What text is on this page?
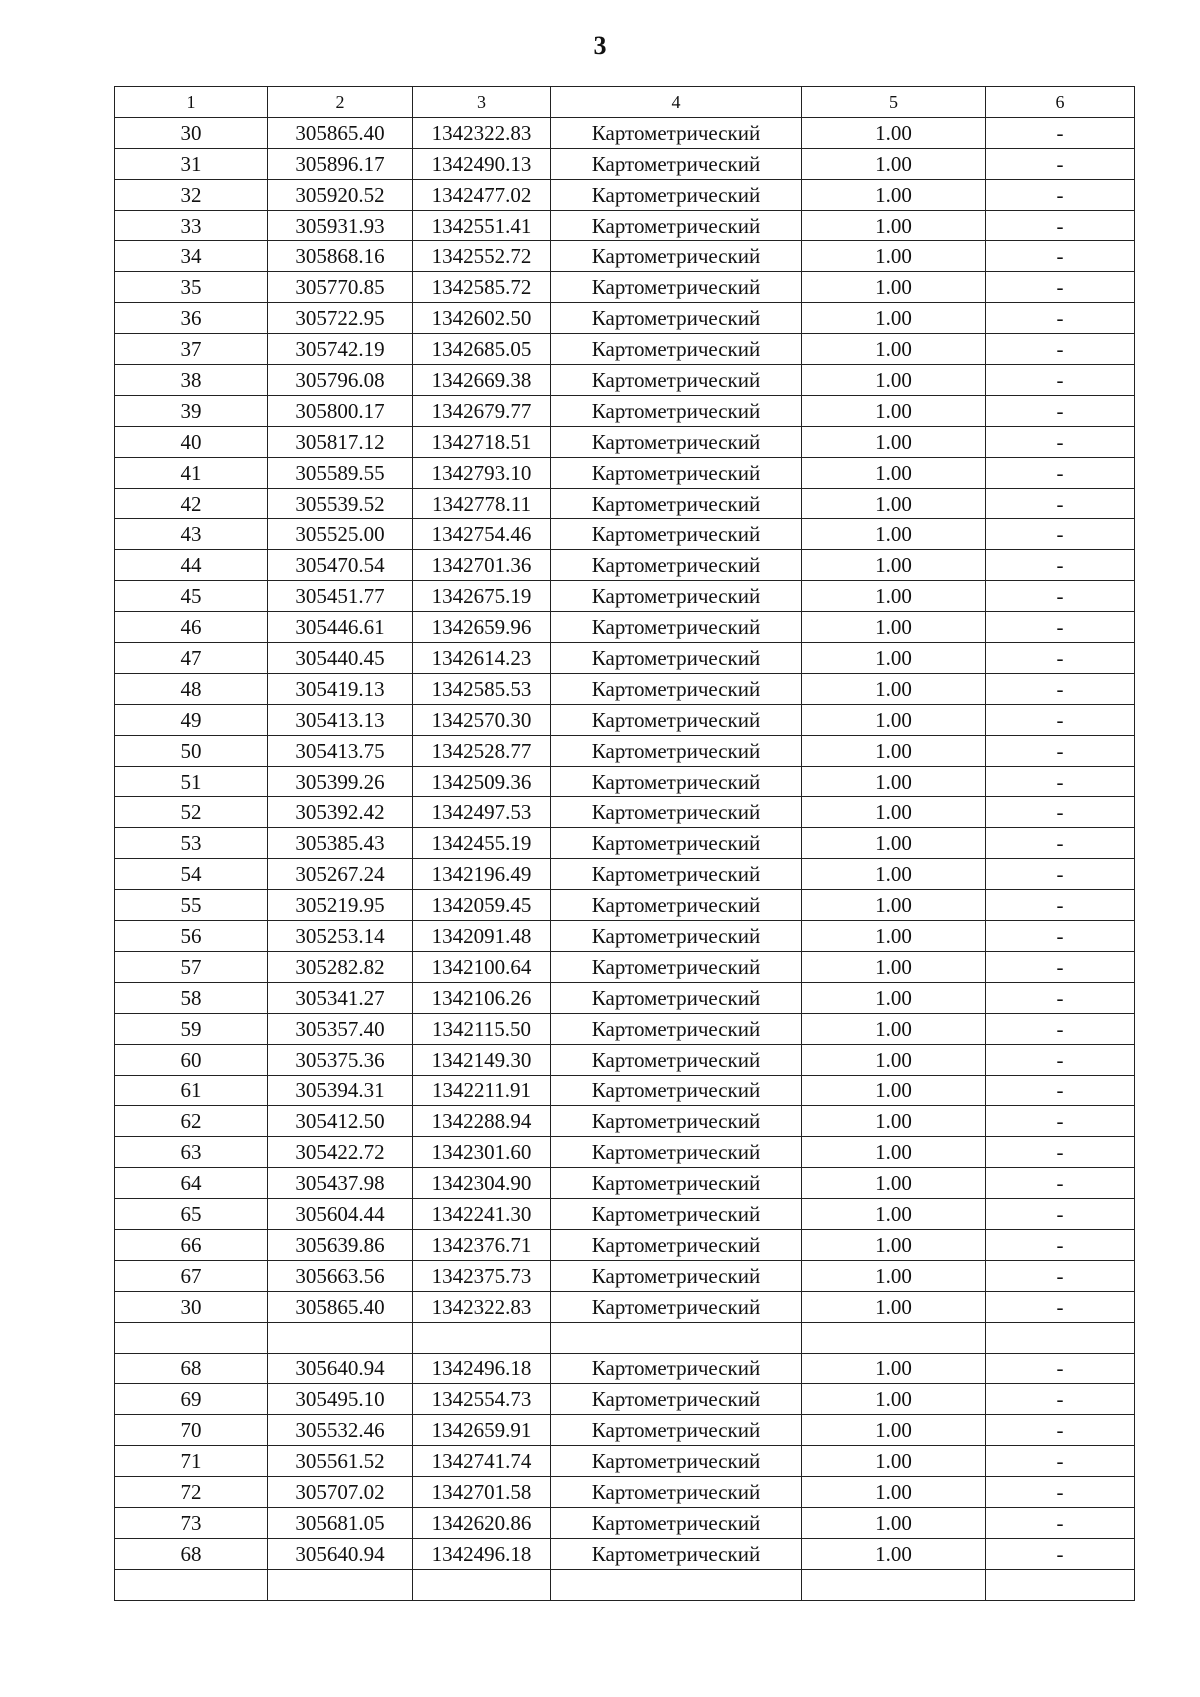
3
1	2	3	4	5	6
30	305865.40	1342322.83	Картометрический	1.00	-
31	305896.17	1342490.13	Картометрический	1.00	-
32	305920.52	1342477.02	Картометрический	1.00	-
33	305931.93	1342551.41	Картометрический	1.00	-
34	305868.16	1342552.72	Картометрический	1.00	-
35	305770.85	1342585.72	Картометрический	1.00	-
36	305722.95	1342602.50	Картометрический	1.00	-
37	305742.19	1342685.05	Картометрический	1.00	-
38	305796.08	1342669.38	Картометрический	1.00	-
39	305800.17	1342679.77	Картометрический	1.00	-
40	305817.12	1342718.51	Картометрический	1.00	-
41	305589.55	1342793.10	Картометрический	1.00	-
42	305539.52	1342778.11	Картометрический	1.00	-
43	305525.00	1342754.46	Картометрический	1.00	-
44	305470.54	1342701.36	Картометрический	1.00	-
45	305451.77	1342675.19	Картометрический	1.00	-
46	305446.61	1342659.96	Картометрический	1.00	-
47	305440.45	1342614.23	Картометрический	1.00	-
48	305419.13	1342585.53	Картометрический	1.00	-
49	305413.13	1342570.30	Картометрический	1.00	-
50	305413.75	1342528.77	Картометрический	1.00	-
51	305399.26	1342509.36	Картометрический	1.00	-
52	305392.42	1342497.53	Картометрический	1.00	-
53	305385.43	1342455.19	Картометрический	1.00	-
54	305267.24	1342196.49	Картометрический	1.00	-
55	305219.95	1342059.45	Картометрический	1.00	-
56	305253.14	1342091.48	Картометрический	1.00	-
57	305282.82	1342100.64	Картометрический	1.00	-
58	305341.27	1342106.26	Картометрический	1.00	-
59	305357.40	1342115.50	Картометрический	1.00	-
60	305375.36	1342149.30	Картометрический	1.00	-
61	305394.31	1342211.91	Картометрический	1.00	-
62	305412.50	1342288.94	Картометрический	1.00	-
63	305422.72	1342301.60	Картометрический	1.00	-
64	305437.98	1342304.90	Картометрический	1.00	-
65	305604.44	1342241.30	Картометрический	1.00	-
66	305639.86	1342376.71	Картометрический	1.00	-
67	305663.56	1342375.73	Картометрический	1.00	-
30	305865.40	1342322.83	Картометрический	1.00	-

68	305640.94	1342496.18	Картометрический	1.00	-
69	305495.10	1342554.73	Картометрический	1.00	-
70	305532.46	1342659.91	Картометрический	1.00	-
71	305561.52	1342741.74	Картометрический	1.00	-
72	305707.02	1342701.58	Картометрический	1.00	-
73	305681.05	1342620.86	Картометрический	1.00	-
68	305640.94	1342496.18	Картометрический	1.00	-
